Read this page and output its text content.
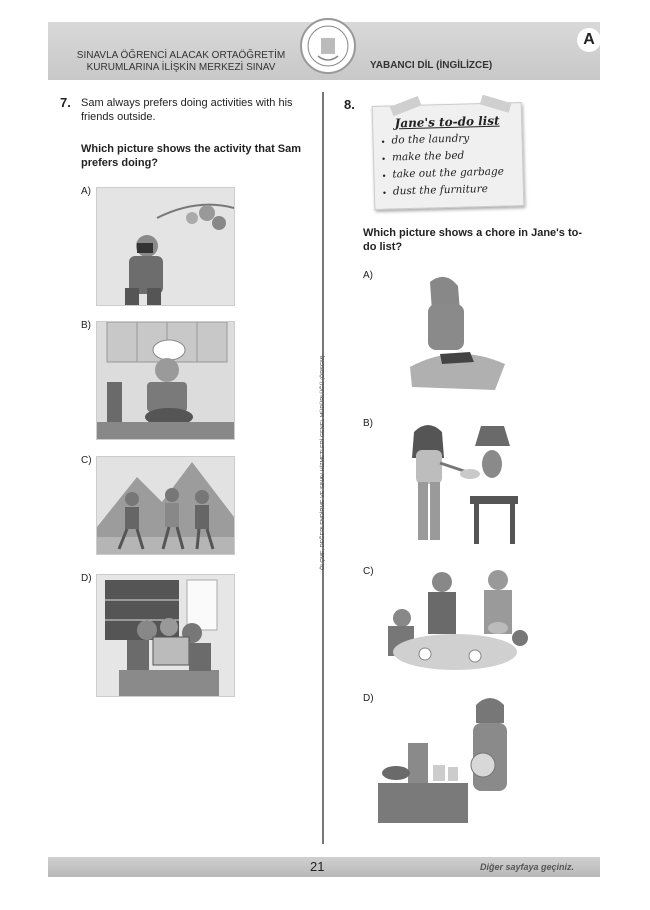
SINAVLA ÖĞRENCİ ALACAK ORTAÖĞRETİM
KURUMLARINA İLİŞKİN MERKEZİ SINAV	YABANCI DİL (İNGİLİZCE)
A
ÖLÇME, DEĞERLENDİRME VE SINAV HİZMETLERİ GENEL MÜDÜRLÜĞÜ (ÖDSGM)
7. Sam always prefers doing activities with his friends outside.
Which picture shows the activity that Sam prefers doing?
A)
B)
C)
D)
8.
Jane's to-do list
• do the laundry
• make the bed
• take out the garbage
• dust the furniture
Which picture shows a chore in Jane's to-do list?
A)
B)
C)
D)
21	Diğer sayfaya geçiniz.
